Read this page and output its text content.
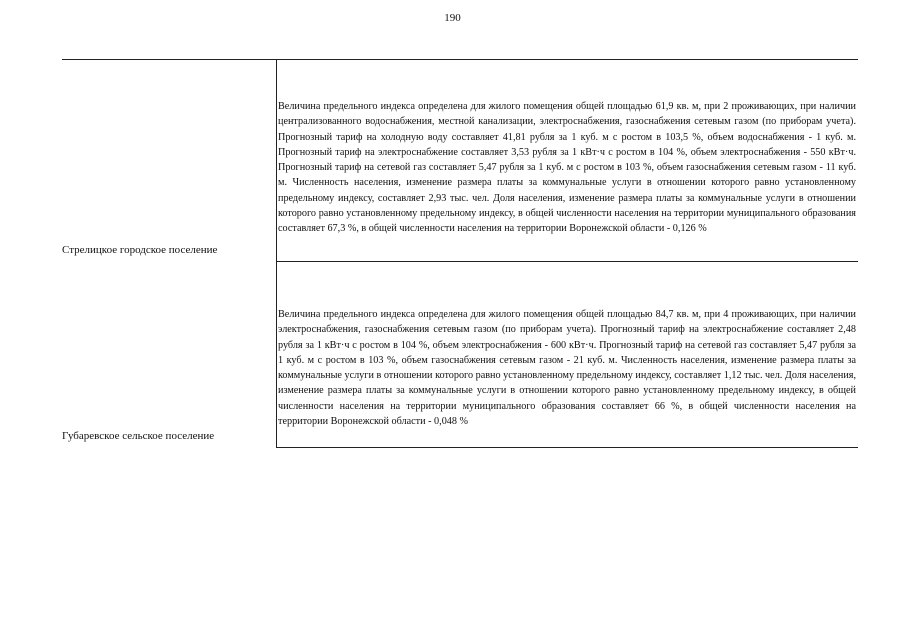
190
Стрелицкое городское поселение
Величина предельного индекса определена для жилого помещения общей площадью 61,9 кв. м, при 2 проживающих, при наличии централизованного водоснабжения, местной канализации, электроснабжения, газоснабжения сетевым газом (по приборам учета). Прогнозный тариф на холодную воду составляет 41,81 рубля за 1 куб. м с ростом в 103,5 %, объем водоснабжения - 1 куб. м. Прогнозный тариф на электроснабжение составляет 3,53 рубля за 1 кВт·ч с ростом в 104 %, объем электроснабжения - 550 кВт·ч. Прогнозный тариф на сетевой газ составляет 5,47 рубля за 1 куб. м с ростом в 103 %, объем газоснабжения сетевым газом - 11 куб. м. Численность населения, изменение размера платы за коммунальные услуги в отношении которого равно установленному предельному индексу, составляет 2,93 тыс. чел. Доля населения, изменение размера платы за коммунальные услуги в отношении которого равно установленному предельному индексу, в общей численности населения на территории муниципального образования составляет 67,3 %, в общей численности населения на территории Воронежской области - 0,126 %
Губаревское сельское поселение
Величина предельного индекса определена для жилого помещения общей площадью 84,7 кв. м, при 4 проживающих, при наличии электроснабжения, газоснабжения сетевым газом (по приборам учета). Прогнозный тариф на электроснабжение составляет 2,48 рубля за 1 кВт·ч с ростом в 104 %, объем электроснабжения - 600 кВт·ч. Прогнозный тариф на сетевой газ составляет 5,47 рубля за 1 куб. м с ростом в 103 %, объем газоснабжения сетевым газом - 21 куб. м. Численность населения, изменение размера платы за коммунальные услуги в отношении которого равно установленному предельному индексу, составляет 1,12 тыс. чел. Доля населения, изменение размера платы за коммунальные услуги в отношении которого равно установленному предельному индексу, в общей численности населения на территории муниципального образования составляет 66 %, в общей численности населения на территории Воронежской области - 0,048 %
